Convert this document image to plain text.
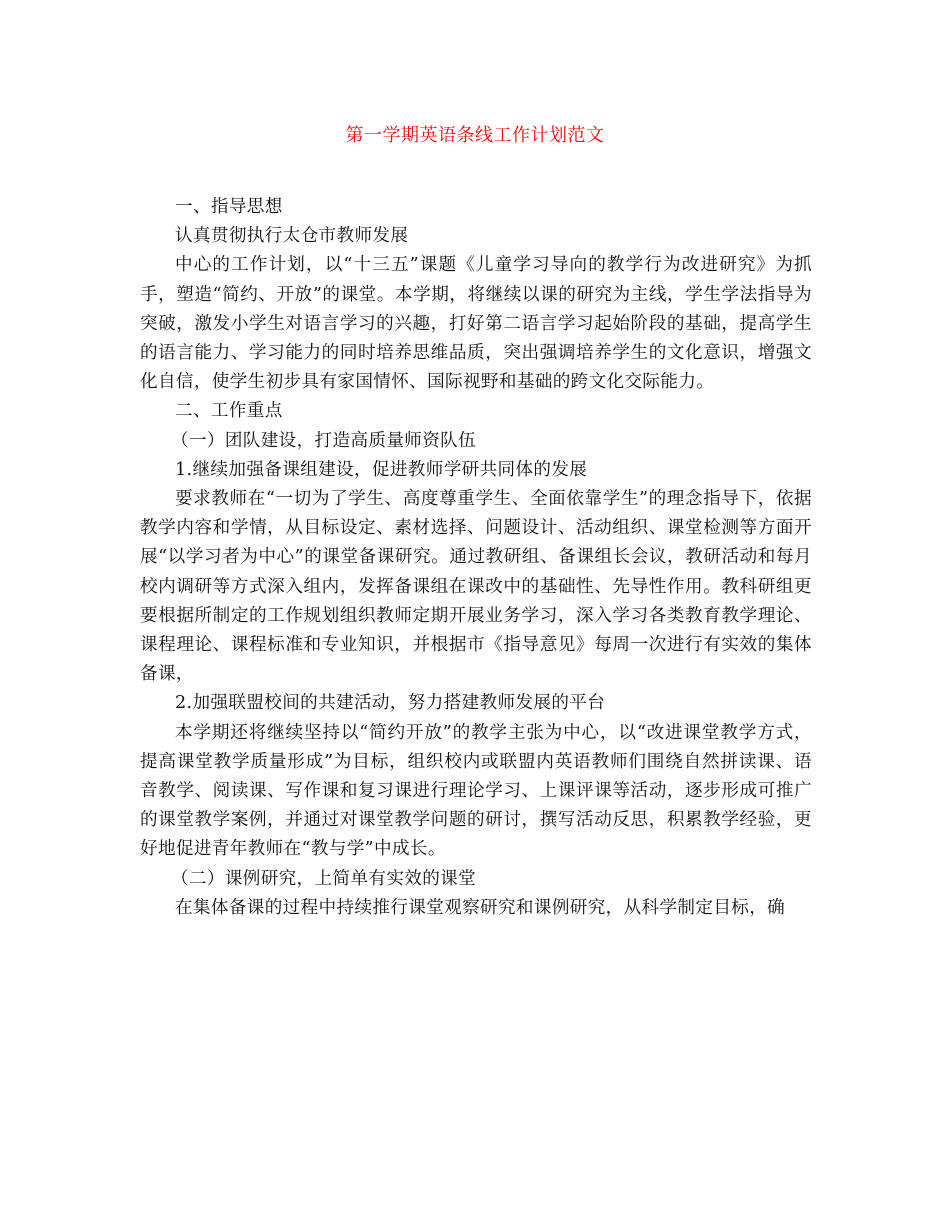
第一学期英语条线工作计划范文

一、指导思想

认真贯彻执行太仓市教师发展

中心的工作计划，以“十三五”课题《儿童学习导向的教学行为改进研究》为抓手，塑造“简约、开放”的课堂。本学期，将继续以课的研究为主线，学生学法指导为突破，激发小学生对语言学习的兴趣，打好第二语言学习起始阶段的基础，提高学生的语言能力、学习能力的同时培养思维品质，突出强调培养学生的文化意识，增强文化自信，使学生初步具有家国情怀、国际视野和基础的跨文化交际能力。

二、工作重点

（一）团队建设，打造高质量师资队伍

1.继续加强备课组建设，促进教师学研共同体的发展

要求教师在“一切为了学生、高度尊重学生、全面依靠学生”的理念指导下，依据教学内容和学情，从目标设定、素材选择、问题设计、活动组织、课堂检测等方面开展“以学习者为中心”的课堂备课研究。通过教研组、备课组长会议，教研活动和每月校内调研等方式深入组内，发挥备课组在课改中的基础性、先导性作用。教科研组更要根据所制定的工作规划组织教师定期开展业务学习，深入学习各类教育教学理论、课程理论、课程标准和专业知识，并根据市《指导意见》每周一次进行有实效的集体备课，

2.加强联盟校间的共建活动，努力搭建教师发展的平台

本学期还将继续坚持以“简约开放”的教学主张为中心，以“改进课堂教学方式，提高课堂教学质量形成”为目标，组织校内或联盟内英语教师们围绕自然拼读课、语音教学、阅读课、写作课和复习课进行理论学习、上课评课等活动，逐步形成可推广的课堂教学案例，并通过对课堂教学问题的研讨，撰写活动反思，积累教学经验，更好地促进青年教师在“教与学”中成长。

（二）课例研究，上简单有实效的课堂

在集体备课的过程中持续推行课堂观察研究和课例研究，从科学制定目标，确
